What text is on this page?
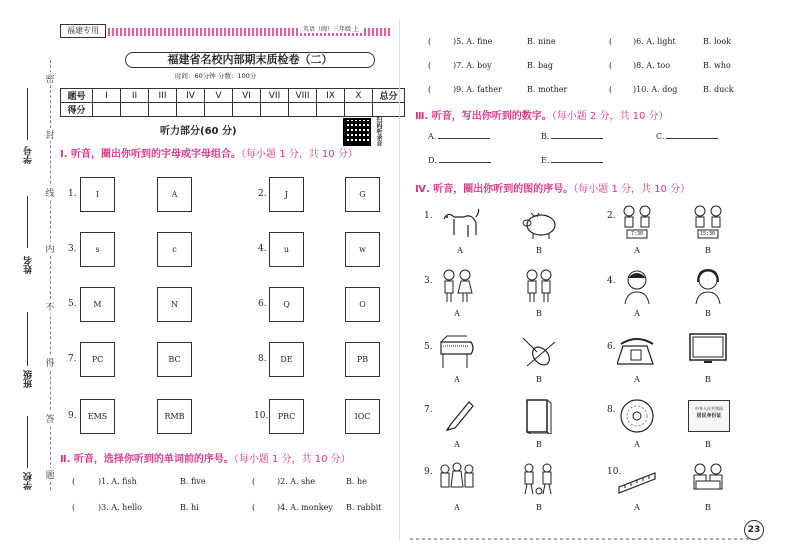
密
封
线
内
不
得
答
题
学号
姓名
班级
学校
福建专用	英语（闽）三年级 上
福建省名校内部期末质检卷（二）
时间：60分钟 分数：100分
题号	I	II	III	IV	V	VI	VII	VIII	IX	X	总分
得分											
听力部分(60 分)	扫码听录音
Ⅰ. 听音，圈出你听到的字母或字母组合。（每小题 1 分，共 10 分）
1.	I	A	2.	J	G
3.	s	c	4.	u	w
5.	M	N	6.	Q	O
7.	PC	BC	8.	DE	PB
9.	EMS	RMB	10.	PRC	IOC
Ⅱ. 听音，选择你听到的单词前的序号。（每小题 1 分，共 10 分）
(	)1. A. fish	B. five	(	)2. A. she	B. he
(	)3. A. hello	B. hi	(	)4. A. monkey B. rabbit
(	)5. A. fine	B. nine	(	)6. A. light	B. look
(	)7. A. boy	B. bag	(	)8. A. too	B. who
(	)9. A. father	B. mother	(	)10. A. dog	B. duck
Ⅲ. 听音，写出你听到的数字。（每小题 2 分，共 10 分）
A.	B.	C.
D.	E.
Ⅳ. 听音，圈出你听到的图的序号。（每小题 1 分，共 10 分）
1.
A	B
2.
7:30
A
15:30
B
3.
A	B
4.
A	B
5.
A	B
6.
A	B
7.
A	B
8.
A
中华人民共和国
居民身份证
B
9.
A	B
10.
A	B
23
